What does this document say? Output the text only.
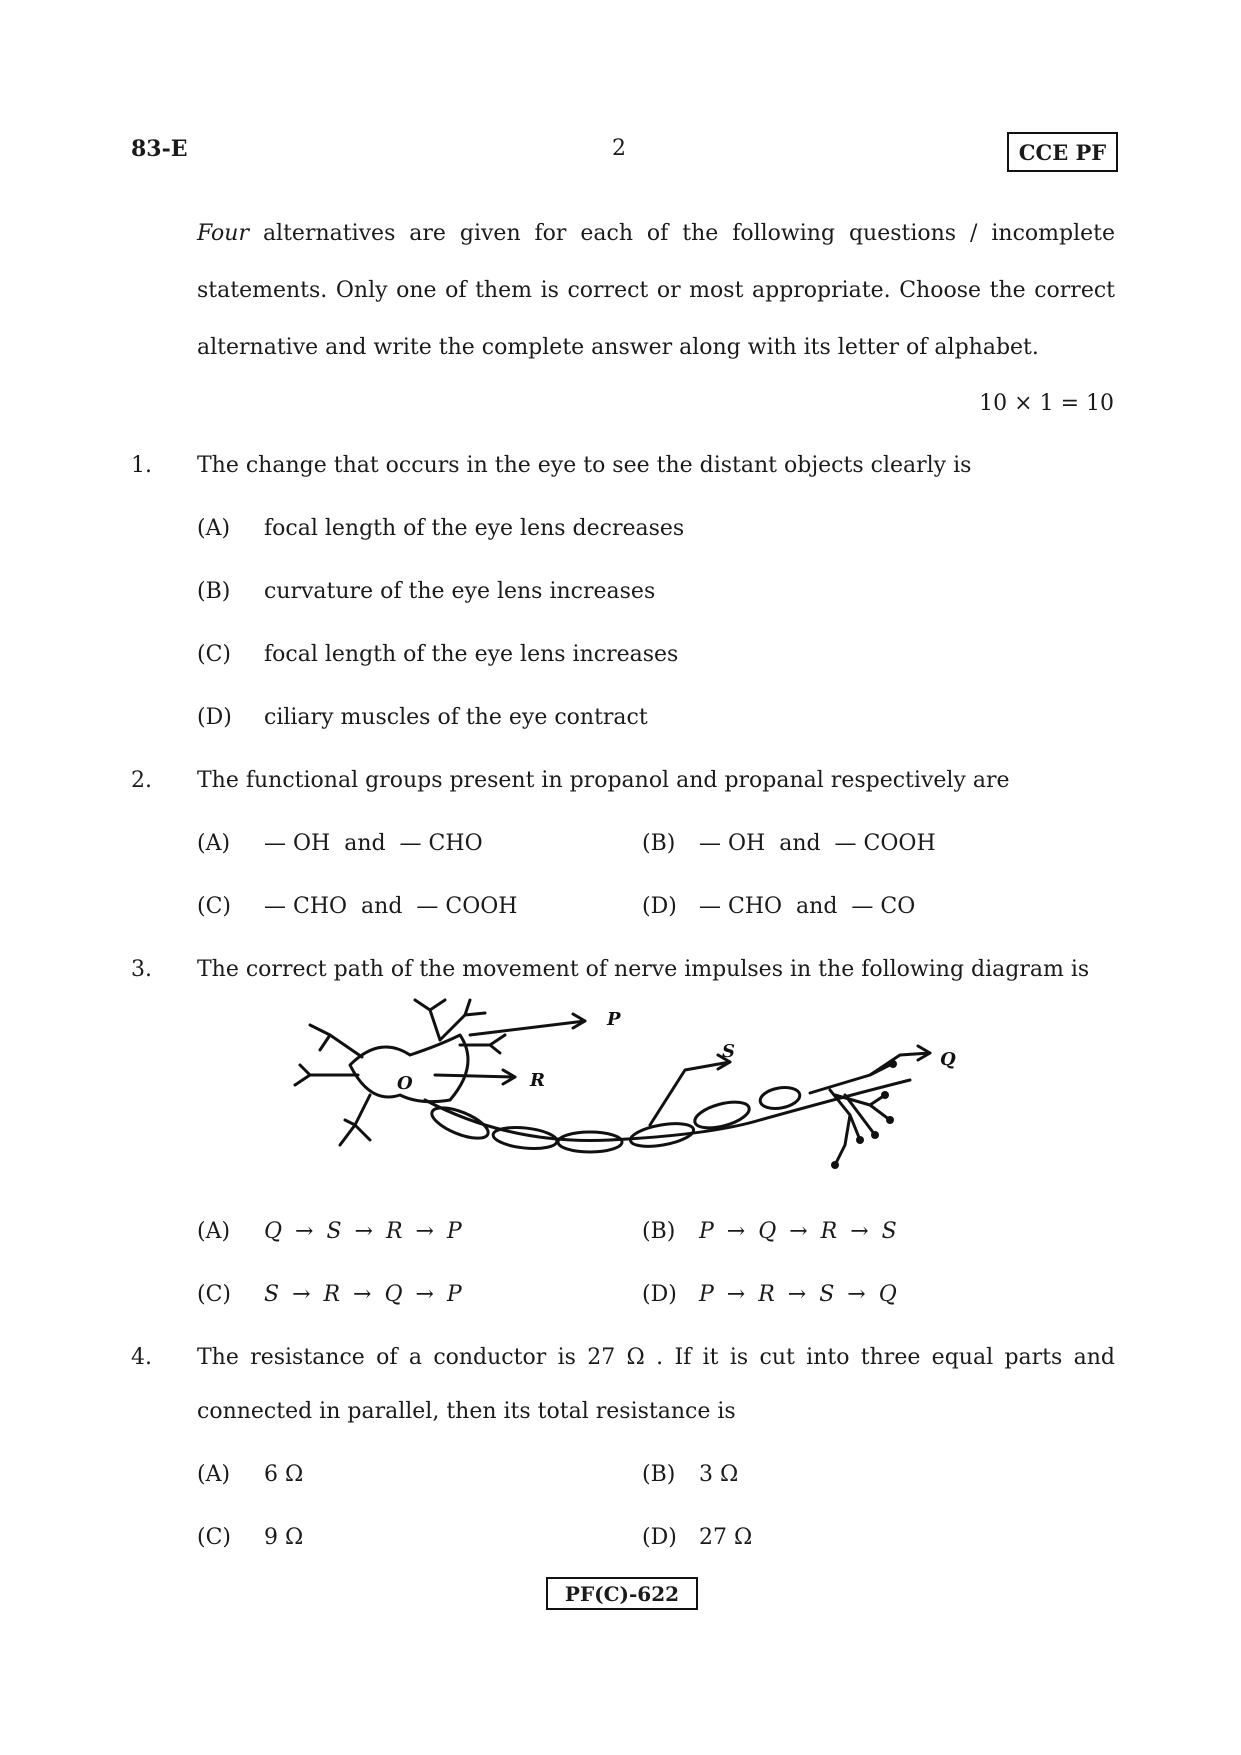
83-E	2	CCE PF
Four alternatives are given for each of the following questions / incomplete
statements. Only one of them is correct or most appropriate. Choose the correct
alternative and write the complete answer along with its letter of alphabet.
10 × 1 = 10
1. The change that occurs in the eye to see the distant objects clearly is
(A) focal length of the eye lens decreases
(B) curvature of the eye lens increases
(C) focal length of the eye lens increases
(D) ciliary muscles of the eye contract
2. The functional groups present in propanol and propanal respectively are
(A) — OH  and  — CHO	(B) — OH  and  — COOH
(C) — CHO  and  — COOH	(D) — CHO  and  — CO
3. The correct path of the movement of nerve impulses in the following diagram is
O
P
R
S	Q
(A) Q → S → R → P	(B) P → Q → R → S
(C) S → R → Q → P	(D) P → R → S → Q
4. The resistance of a conductor is 27 Ω . If it is cut into three equal parts and
connected in parallel, then its total resistance is
(A) 6 Ω	(B) 3 Ω
(C) 9 Ω	(D) 27 Ω
PF(C)-622
